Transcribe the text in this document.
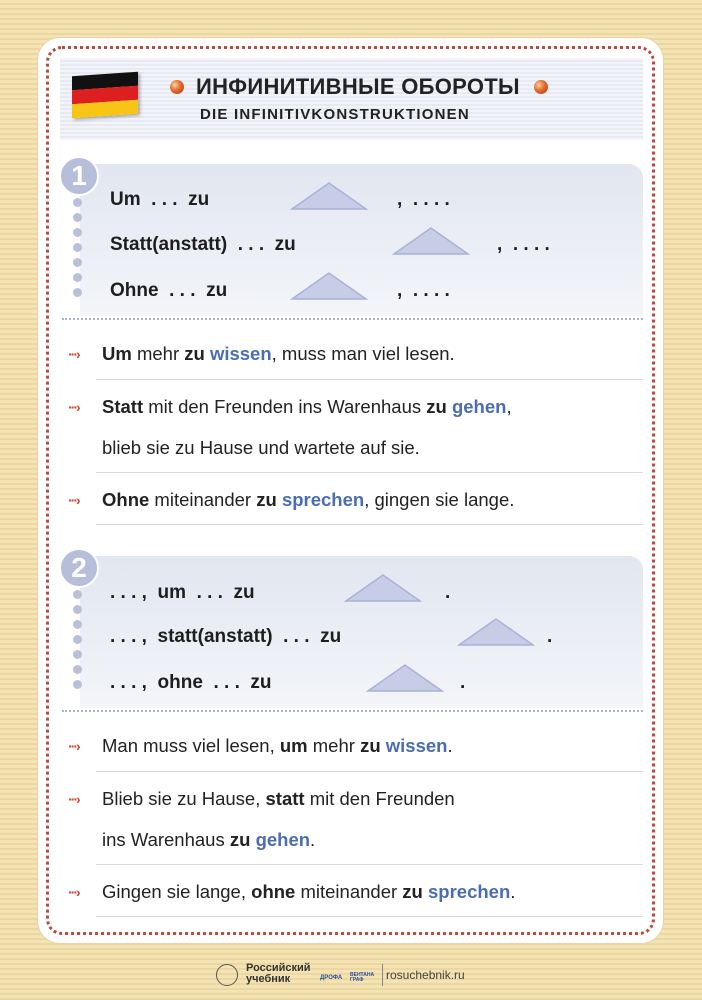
ИНФИНИТИВНЫЕ ОБОРОТЫ
DIE INFINITIVKONSTRUKTIONEN
1
Um  . . .  zu	,  . . . .
Statt(anstatt)  . . .  zu	,  . . . .
Ohne  . . .  zu	,  . . . .
···› Um mehr zu wissen, muss man viel lesen.
···› Statt mit den Freunden ins Warenhaus zu gehen,
blieb sie zu Hause und wartete auf sie.
···› Ohne miteinander zu sprechen, gingen sie lange.
2
. . . ,  um  . . .  zu	.
. . . ,  statt(anstatt)  . . .  zu	.
. . . ,  ohne  . . .  zu	.
···› Man muss viel lesen, um mehr zu wissen.
···› Blieb sie zu Hause, statt mit den Freunden
ins Warenhaus zu gehen.
···› Gingen sie lange, ohne miteinander zu sprechen.
Российский
учебник	ДРОФА ВЕНТАНА ГРАФ	rosuchebnik.ru
